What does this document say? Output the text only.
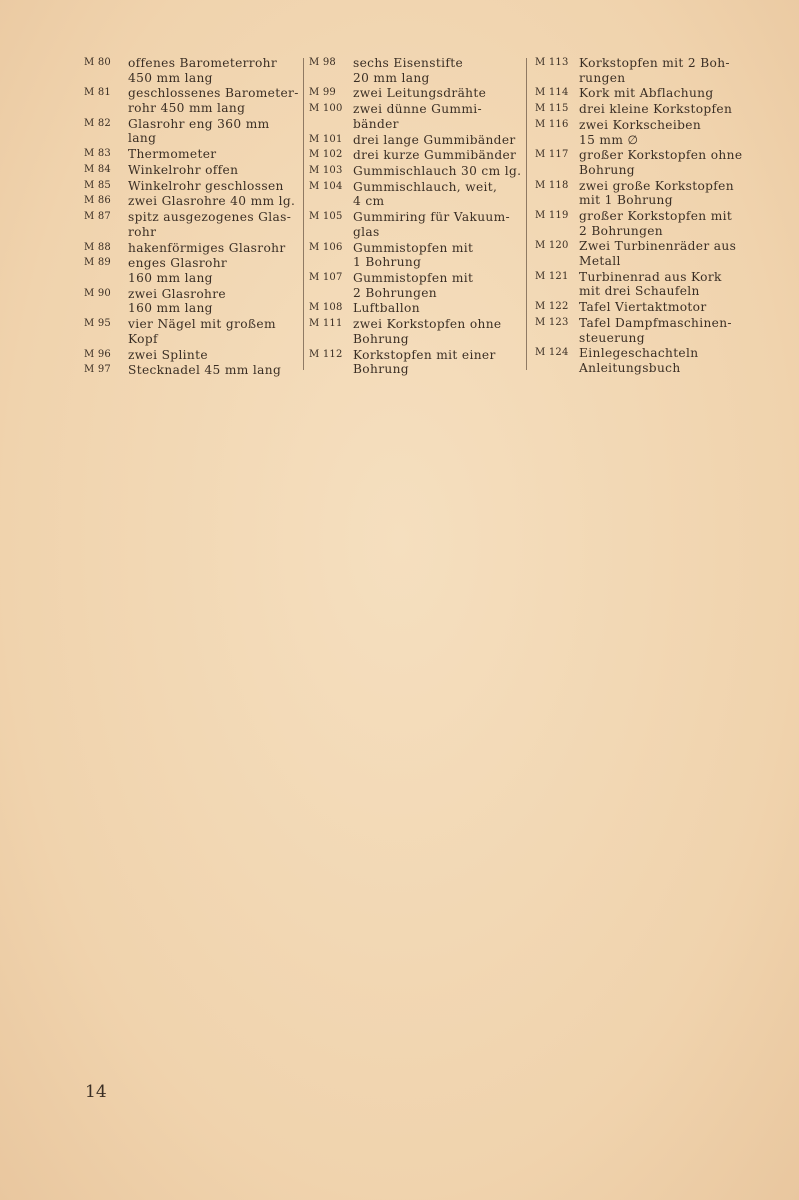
M 80	offenes Barometerrohr
450 mm lang
M 81	geschlossenes Barometer-
rohr 450 mm lang
M 82	Glasrohr eng 360 mm lang
M 83	Thermometer
M 84	Winkelrohr offen
M 85	Winkelrohr geschlossen
M 86	zwei Glasrohre 40 mm lg.
M 87	spitz ausgezogenes Glas-
rohr
M 88	hakenförmiges Glasrohr
M 89	enges Glasrohr
160 mm lang
M 90	zwei Glasrohre
160 mm lang
M 95	vier Nägel mit großem
Kopf
M 96	zwei Splinte
M 97	Stecknadel 45 mm lang
M 98	sechs Eisenstifte
20 mm lang
M 99	zwei Leitungsdrähte
M 100 zwei dünne Gummi-
bänder
M 101 drei lange Gummibänder
M 102 drei kurze Gummibänder
M 103 Gummischlauch 30 cm lg.
M 104 Gummischlauch, weit,
4 cm
M 105 Gummiring für Vakuum-
glas
M 106 Gummistopfen mit
1 Bohrung
M 107 Gummistopfen mit
2 Bohrungen
M 108 Luftballon
M 111 zwei Korkstopfen ohne
Bohrung
M 112 Korkstopfen mit einer
Bohrung
M 113 Korkstopfen mit 2 Boh-
rungen
M 114 Kork mit Abflachung
M 115 drei kleine Korkstopfen
M 116 zwei Korkscheiben
15 mm ∅
M 117 großer Korkstopfen ohne
Bohrung
M 118 zwei große Korkstopfen
mit 1 Bohrung
M 119 großer Korkstopfen mit
2 Bohrungen
M 120 Zwei Turbinenräder aus
Metall
M 121 Turbinenrad aus Kork
mit drei Schaufeln
M 122 Tafel Viertaktmotor
M 123 Tafel Dampfmaschinen-
steuerung
M 124 Einlegeschachteln
Anleitungsbuch
14
